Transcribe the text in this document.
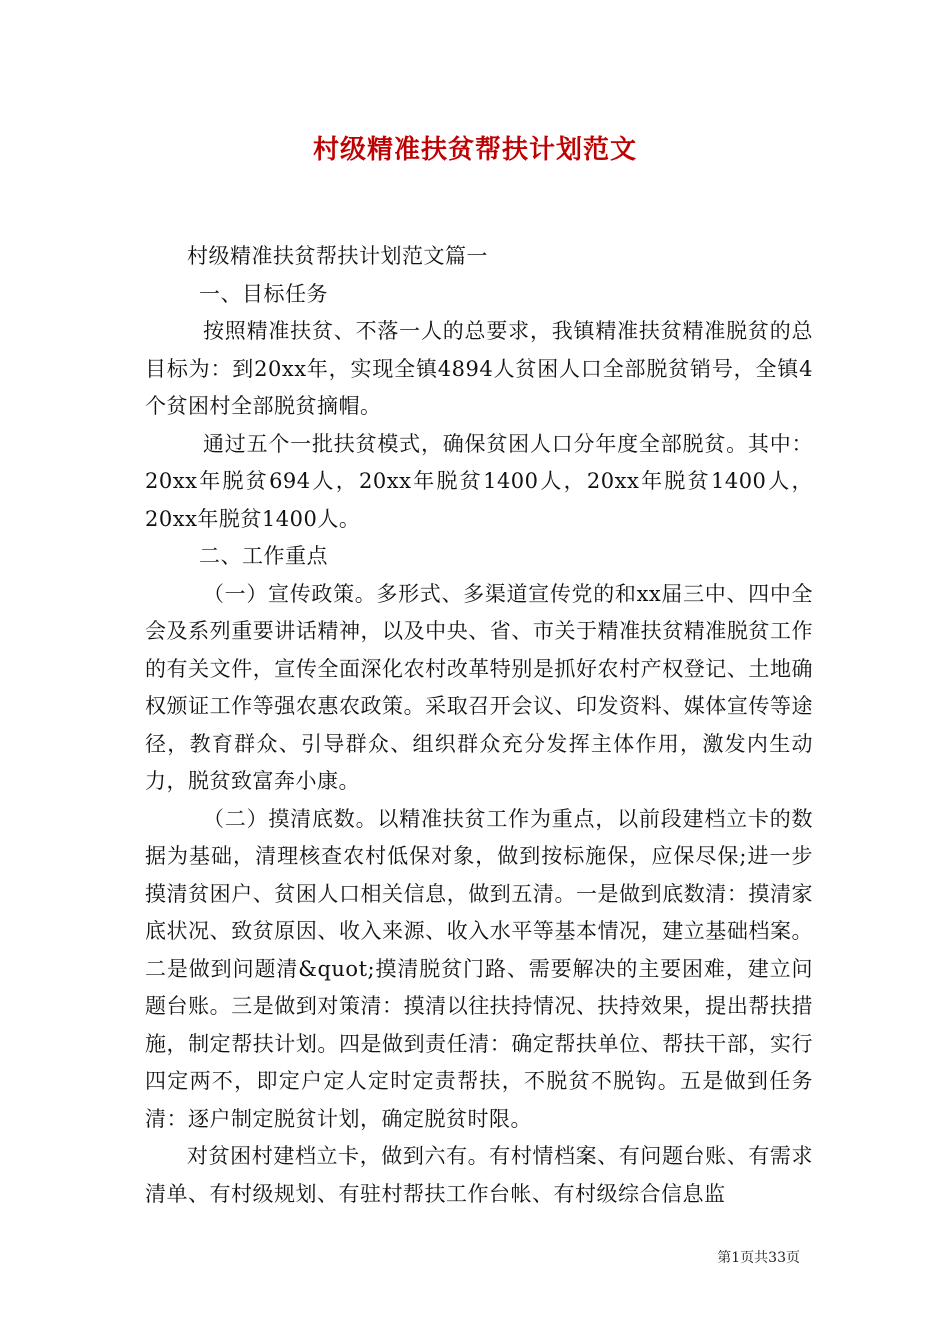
村级精准扶贫帮扶计划范文

村级精准扶贫帮扶计划范文篇一

一、目标任务

按照精准扶贫、不落一人的总要求，我镇精准扶贫精准脱贫的总目标为：到20xx年，实现全镇4894人贫困人口全部脱贫销号，全镇4个贫困村全部脱贫摘帽。

通过五个一批扶贫模式，确保贫困人口分年度全部脱贫。其中：20xx年脱贫694人，20xx年脱贫1400人，20xx年脱贫1400人，20xx年脱贫1400人。

二、工作重点

（一）宣传政策。多形式、多渠道宣传党的和xx届三中、四中全会及系列重要讲话精神，以及中央、省、市关于精准扶贫精准脱贫工作的有关文件，宣传全面深化农村改革特别是抓好农村产权登记、土地确权颁证工作等强农惠农政策。采取召开会议、印发资料、媒体宣传等途径，教育群众、引导群众、组织群众充分发挥主体作用，激发内生动力，脱贫致富奔小康。

（二）摸清底数。以精准扶贫工作为重点，以前段建档立卡的数据为基础，清理核查农村低保对象，做到按标施保，应保尽保;进一步摸清贫困户、贫困人口相关信息，做到五清。一是做到底数清：摸清家底状况、致贫原因、收入来源、收入水平等基本情况，建立基础档案。二是做到问题清&quot;摸清脱贫门路、需要解决的主要困难，建立问题台账。三是做到对策清：摸清以往扶持情况、扶持效果，提出帮扶措施，制定帮扶计划。四是做到责任清：确定帮扶单位、帮扶干部，实行四定两不，即定户定人定时定责帮扶，不脱贫不脱钩。五是做到任务清：逐户制定脱贫计划，确定脱贫时限。

对贫困村建档立卡，做到六有。有村情档案、有问题台账、有需求清单、有村级规划、有驻村帮扶工作台帐、有村级综合信息监

第1页共33页
